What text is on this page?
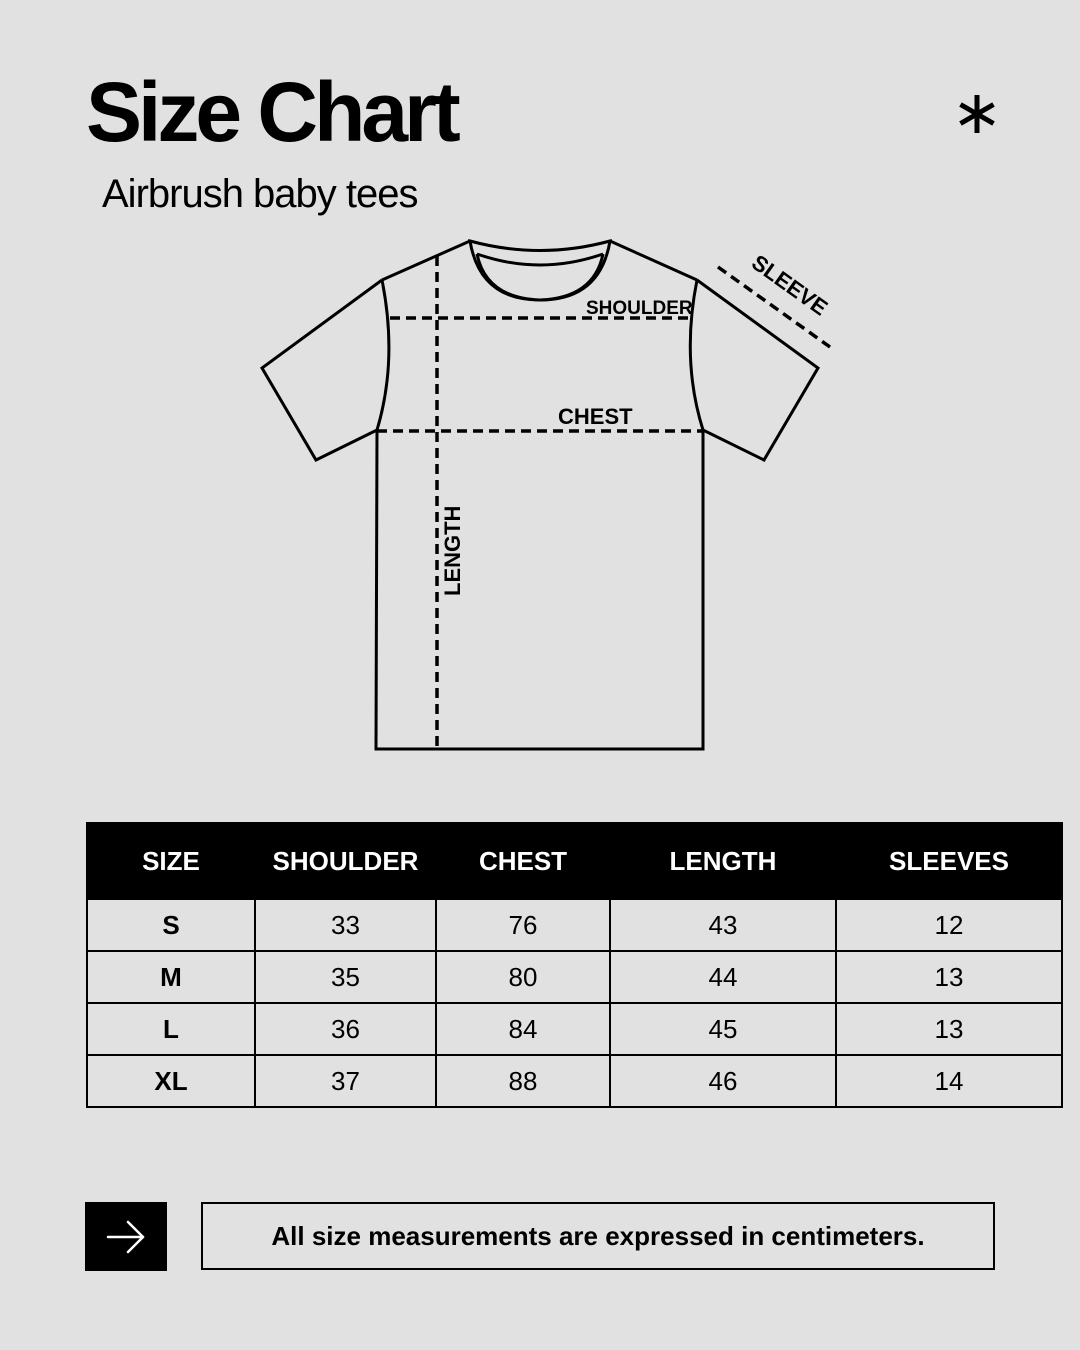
Size Chart
Airbrush baby tees
SHOULDER
CHEST
LENGTH
SLEEVE
SIZE	SHOULDER	CHEST	LENGTH	SLEEVES
S	33	76	43	12
M	35	80	44	13
L	36	84	45	13
XL	37	88	46	14
All size measurements are expressed in centimeters.
